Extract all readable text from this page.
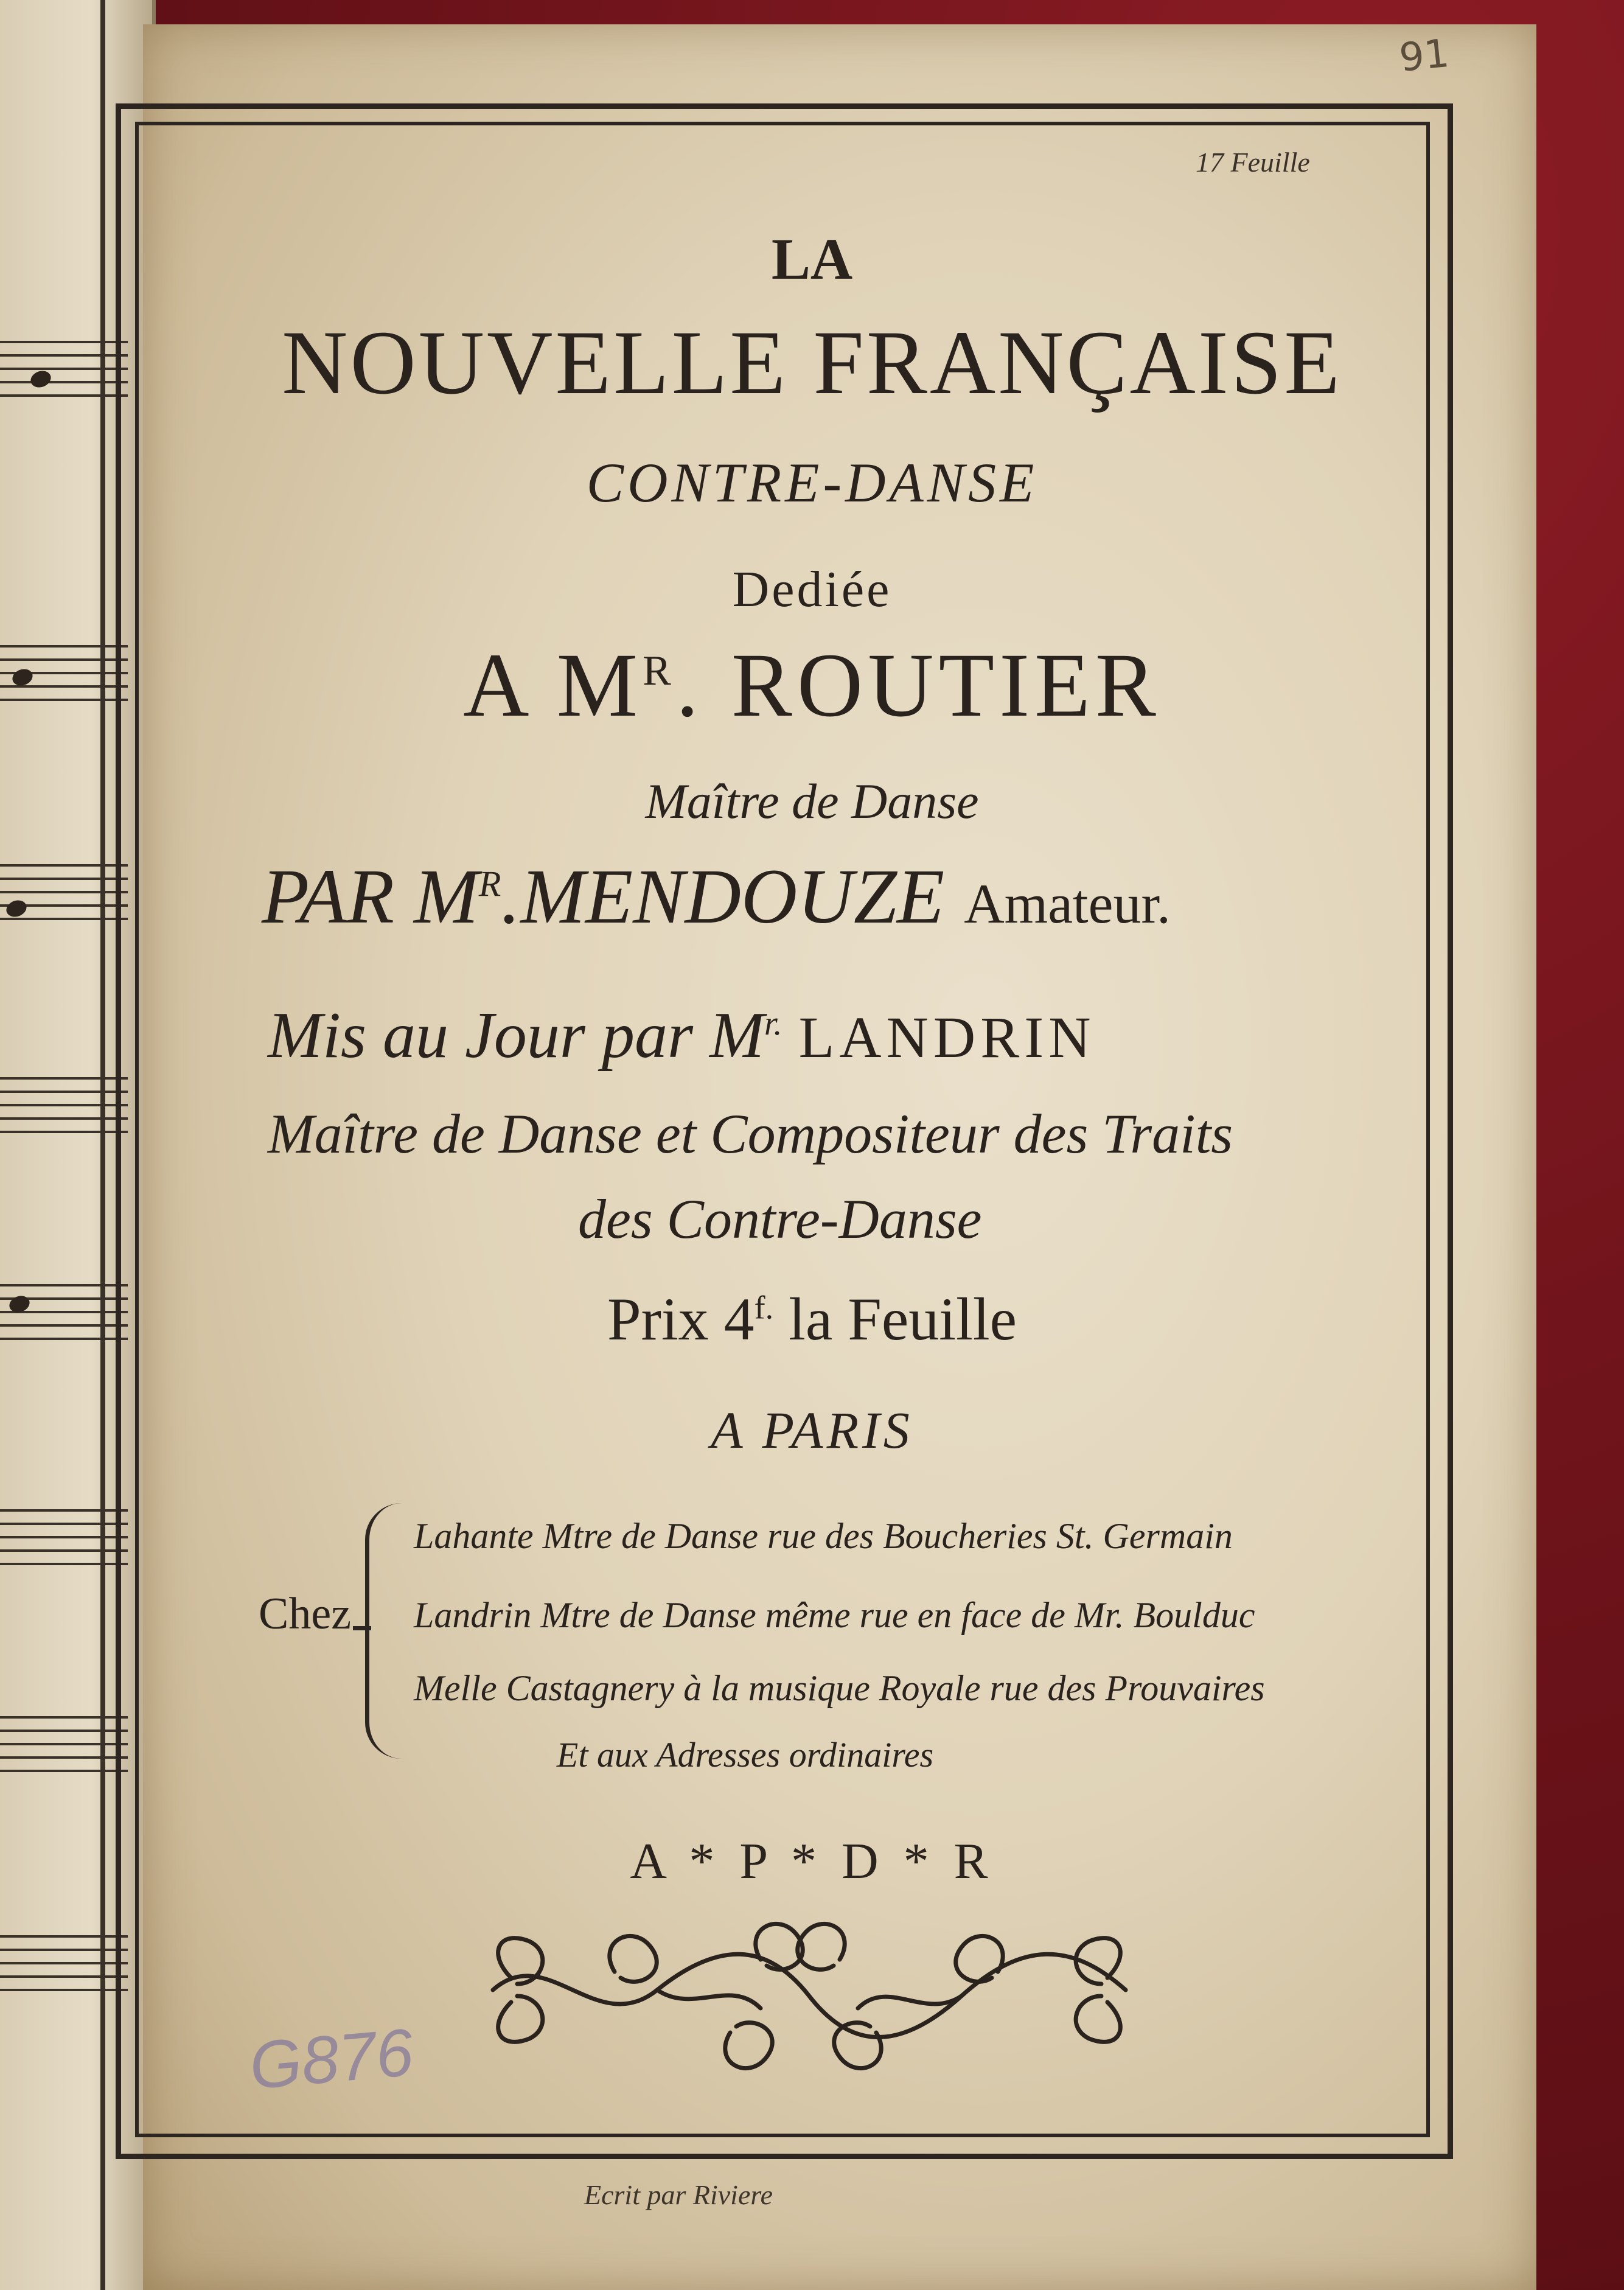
91
17 Feuille
LA
NOUVELLE FRANÇAISE
CONTRE-DANSE
Dediée
A $M^R$. ROUTIER
Maître de Danse
PAR $M^R.MENDOUZE$ Amateur.
Mis au Jour par $M^{r.}$ LANDRIN
Maître de Danse et Compositeur des Traits
des Contre-Danse
Prix $4^{f.}$ la Feuille
A PARIS
Chez
Lahante Mtre de Danse rue des Boucheries St. Germain
Landrin Mtre de Danse même rue en face de Mr. Boulduc
Melle Castagnery à la musique Royale rue des Prouvaires
Et aux Adresses ordinaires
A * P * D * R
G876
Ecrit par Riviere
